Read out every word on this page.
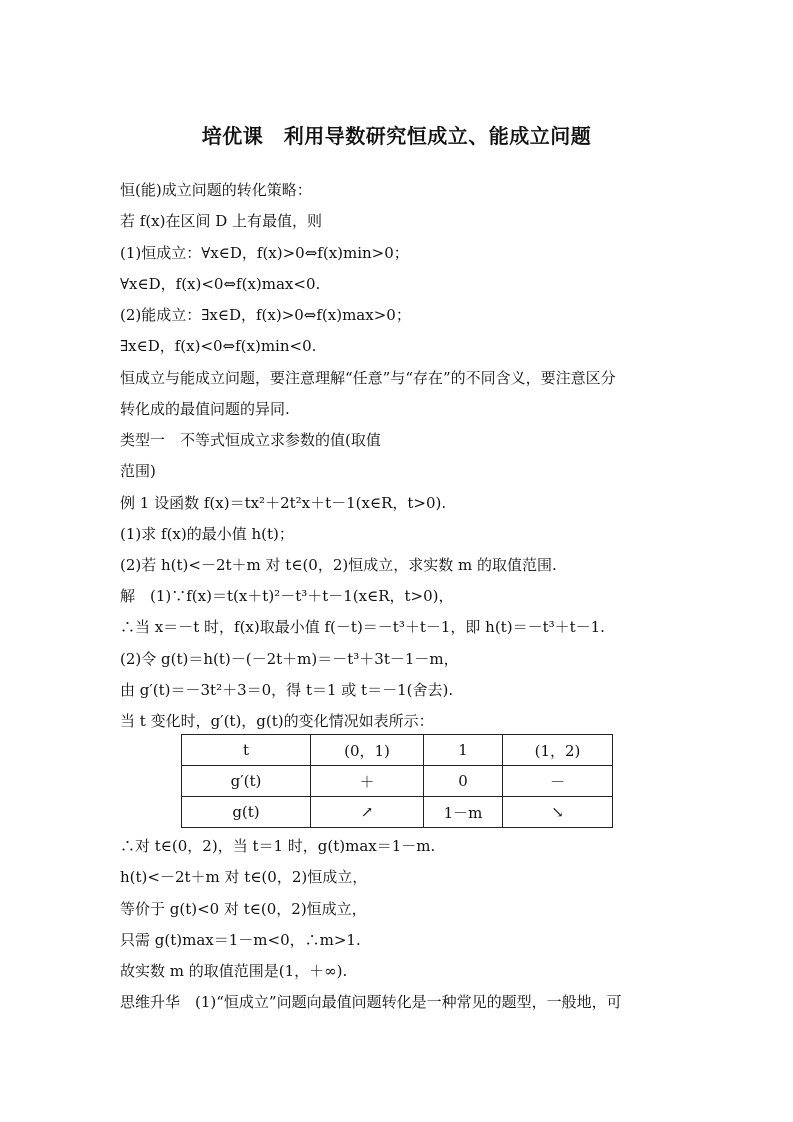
培优课　利用导数研究恒成立、能成立问题
恒(能)成立问题的转化策略：
若 f(x)在区间 D 上有最值，则
(1)恒成立：∀x∈D，f(x)>0⇔f(x)min>0；
∀x∈D，f(x)<0⇔f(x)max<0.
(2)能成立：∃x∈D，f(x)>0⇔f(x)max>0；
∃x∈D，f(x)<0⇔f(x)min<0.
恒成立与能成立问题，要注意理解“任意”与“存在”的不同含义，要注意区分
转化成的最值问题的异同.
类型一　不等式恒成立求参数的值(取值
范围)
例 1 设函数 f(x)＝tx²＋2t²x＋t－1(x∈R，t>0).
(1)求 f(x)的最小值 h(t)；
(2)若 h(t)<－2t＋m 对 t∈(0，2)恒成立，求实数 m 的取值范围.
解　(1)∵f(x)＝t(x＋t)²－t³＋t－1(x∈R，t>0)，
∴当 x＝－t 时，f(x)取最小值 f(－t)＝－t³＋t－1，即 h(t)＝－t³＋t－1.
(2)令 g(t)＝h(t)－(－2t＋m)＝－t³＋3t－1－m，
由 g′(t)＝－3t²＋3＝0，得 t＝1 或 t＝－1(舍去).
当 t 变化时，g′(t)，g(t)的变化情况如表所示：
t	(0，1)	1	(1，2)
g′(t)	＋	0	－
g(t)	↗	1－m	↘
∴对 t∈(0，2)，当 t＝1 时，g(t)max＝1－m.
h(t)<－2t＋m 对 t∈(0，2)恒成立，
等价于 g(t)<0 对 t∈(0，2)恒成立，
只需 g(t)max＝1－m<0，∴m>1.
故实数 m 的取值范围是(1，＋∞).
思维升华　(1)“恒成立”问题向最值问题转化是一种常见的题型，一般地，可
